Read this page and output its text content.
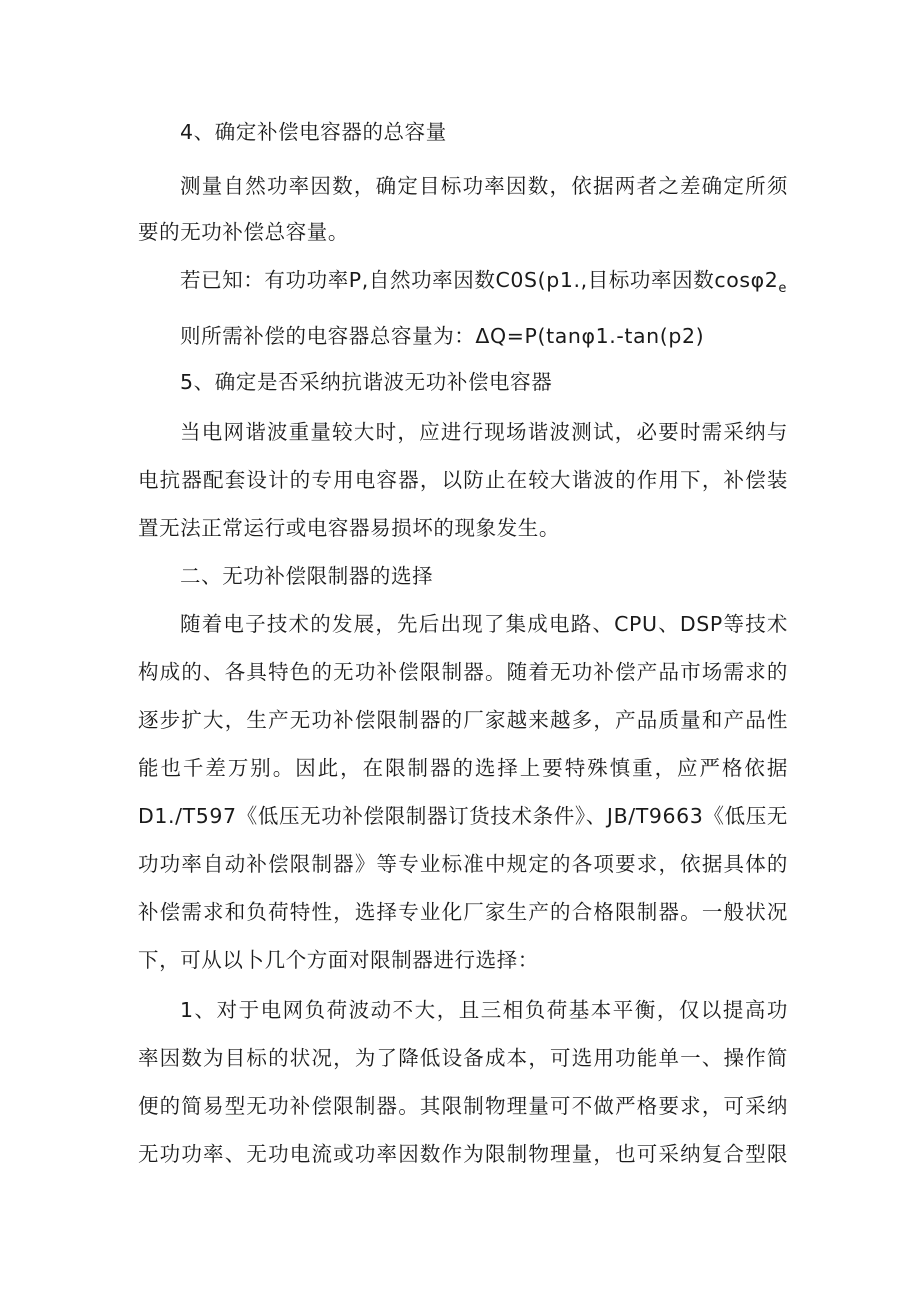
4、确定补偿电容器的总容量
测量自然功率因数，确定目标功率因数，依据两者之差确定所须
要的无功补偿总容量。
若已知：有功功率P,自然功率因数C0S(p1.,目标功率因数$\cos\varphi 2_e$
则所需补偿的电容器总容量为：ΔQ=P(tanφ1.-tan(p2)
5、确定是否采纳抗谐波无功补偿电容器
当电网谐波重量较大时，应进行现场谐波测试，必要时需采纳与
电抗器配套设计的专用电容器，以防止在较大谐波的作用下，补偿装
置无法正常运行或电容器易损坏的现象发生。
二、无功补偿限制器的选择
随着电子技术的发展，先后出现了集成电路、CPU、DSP等技术
构成的、各具特色的无功补偿限制器。随着无功补偿产品市场需求的
逐步扩大，生产无功补偿限制器的厂家越来越多，产品质量和产品性
能也千差万别。因此，在限制器的选择上要特殊慎重，应严格依据
D1./T597《低压无功补偿限制器订货技术条件》、JB/T9663《低压无
功功率自动补偿限制器》等专业标准中规定的各项要求，依据具体的
补偿需求和负荷特性，选择专业化厂家生产的合格限制器。一般状况
下，可从以卜几个方面对限制器进行选择：
1、对于电网负荷波动不大，且三相负荷基本平衡，仅以提高功
率因数为目标的状况，为了降低设备成本，可选用功能单一、操作简
便的简易型无功补偿限制器。其限制物理量可不做严格要求，可采纳
无功功率、无功电流或功率因数作为限制物理量，也可采纳复合型限
